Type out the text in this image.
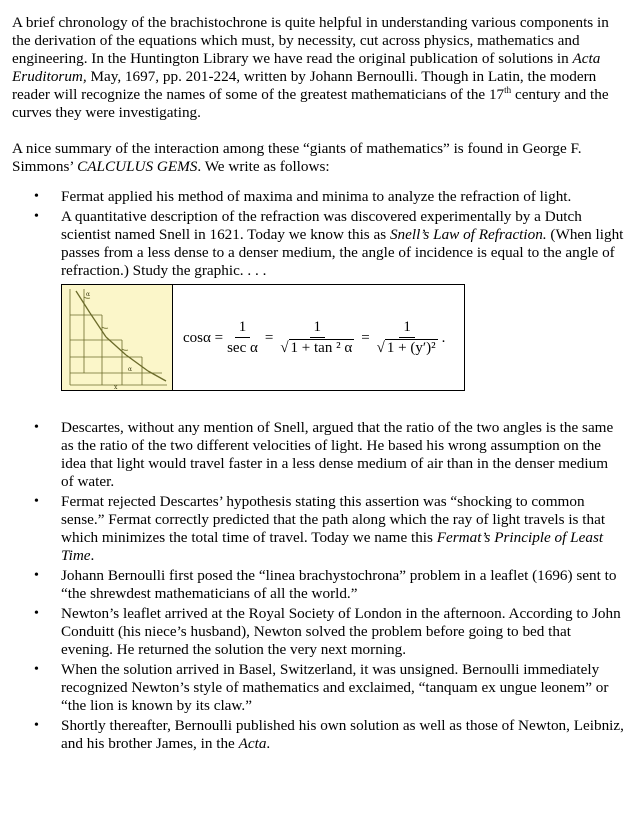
A brief chronology of the brachistochrone is quite helpful in understanding various components in the derivation of the equations which must, by necessity, cut across physics, mathematics and engineering. In the Huntington Library we have read the original publication of solutions in Acta Eruditorum, May, 1697, pp. 201-224, written by Johann Bernoulli. Though in Latin, the modern reader will recognize the names of some of the greatest mathematicians of the 17th century and the curves they were investigating.

A nice summary of the interaction among these “giants of mathematics” is found in George F. Simmons’ CALCULUS GEMS. We write as follows:

• Fermat applied his method of maxima and minima to analyze the refraction of light.
• A quantitative description of the refraction was discovered experimentally by a Dutch scientist named Snell in 1621. Today we know this as Snell’s Law of Refraction. (When light passes from a less dense to a denser medium, the angle of incidence is equal to the angle of refraction.) Study the graphic. . . .
α
α
x
$\cos\alpha = \frac{1}{\text{sec α}} = \frac{1}{\text{√ 1 + tan ² α}} = \frac{1}{\text{√ 1 + (y′)²}}$ .
• Descartes, without any mention of Snell, argued that the ratio of the two angles is the same as the ratio of the two different velocities of light. He based his wrong assumption on the idea that light would travel faster in a less dense medium of air than in the denser medium of water.
• Fermat rejected Descartes’ hypothesis stating this assertion was “shocking to common sense.” Fermat correctly predicted that the path along which the ray of light travels is that which minimizes the total time of travel. Today we name this Fermat’s Principle of Least Time.
• Johann Bernoulli first posed the “linea brachystochrona” problem in a leaflet (1696) sent to “the shrewdest mathematicians of all the world.”
• Newton’s leaflet arrived at the Royal Society of London in the afternoon. According to John Conduitt (his niece’s husband), Newton solved the problem before going to bed that evening. He returned the solution the very next morning.
• When the solution arrived in Basel, Switzerland, it was unsigned. Bernoulli immediately recognized Newton’s style of mathematics and exclaimed, “tanquam ex ungue leonem” or “the lion is known by its claw.”
• Shortly thereafter, Bernoulli published his own solution as well as those of Newton, Leibniz, and his brother James, in the Acta.
